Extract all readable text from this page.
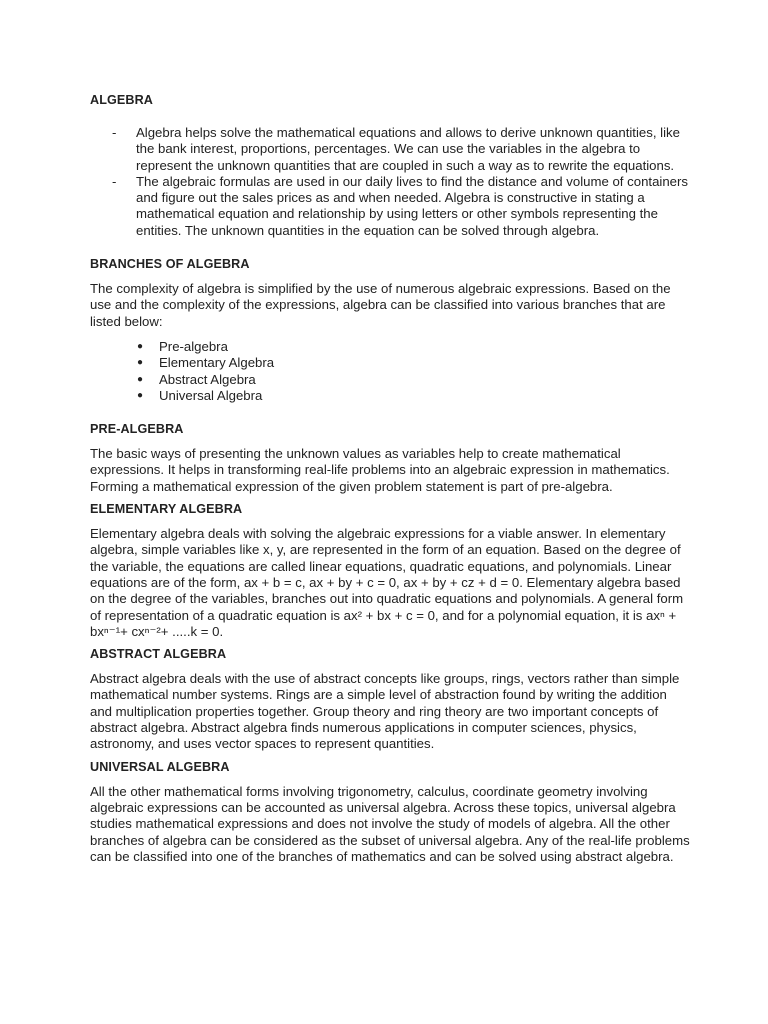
ALGEBRA
- Algebra helps solve the mathematical equations and allows to derive unknown quantities, like the bank interest, proportions, percentages. We can use the variables in the algebra to represent the unknown quantities that are coupled in such a way as to rewrite the equations.
- The algebraic formulas are used in our daily lives to find the distance and volume of containers and figure out the sales prices as and when needed. Algebra is constructive in stating a mathematical equation and relationship by using letters or other symbols representing the entities. The unknown quantities in the equation can be solved through algebra.
BRANCHES OF ALGEBRA

The complexity of algebra is simplified by the use of numerous algebraic expressions. Based on the use and the complexity of the expressions, algebra can be classified into various branches that are listed below:

● Pre-algebra
● Elementary Algebra
● Abstract Algebra
● Universal Algebra
PRE-ALGEBRA

The basic ways of presenting the unknown values as variables help to create mathematical expressions. It helps in transforming real-life problems into an algebraic expression in mathematics. Forming a mathematical expression of the given problem statement is part of pre-algebra.

ELEMENTARY ALGEBRA

Elementary algebra deals with solving the algebraic expressions for a viable answer. In elementary algebra, simple variables like x, y, are represented in the form of an equation. Based on the degree of the variable, the equations are called linear equations, quadratic equations, and polynomials. Linear equations are of the form, ax + b = c, ax + by + c = 0, ax + by + cz + d = 0. Elementary algebra based on the degree of the variables, branches out into quadratic equations and polynomials. A general form of representation of a quadratic equation is ax² + bx + c = 0, and for a polynomial equation, it is axⁿ + bxⁿ⁻¹+ cxⁿ⁻²+ .....k = 0.

ABSTRACT ALGEBRA

Abstract algebra deals with the use of abstract concepts like groups, rings, vectors rather than simple mathematical number systems. Rings are a simple level of abstraction found by writing the addition and multiplication properties together. Group theory and ring theory are two important concepts of abstract algebra. Abstract algebra finds numerous applications in computer sciences, physics, astronomy, and uses vector spaces to represent quantities.

UNIVERSAL ALGEBRA

All the other mathematical forms involving trigonometry, calculus, coordinate geometry involving algebraic expressions can be accounted as universal algebra. Across these topics, universal algebra studies mathematical expressions and does not involve the study of models of algebra. All the other branches of algebra can be considered as the subset of universal algebra. Any of the real-life problems can be classified into one of the branches of mathematics and can be solved using abstract algebra.
